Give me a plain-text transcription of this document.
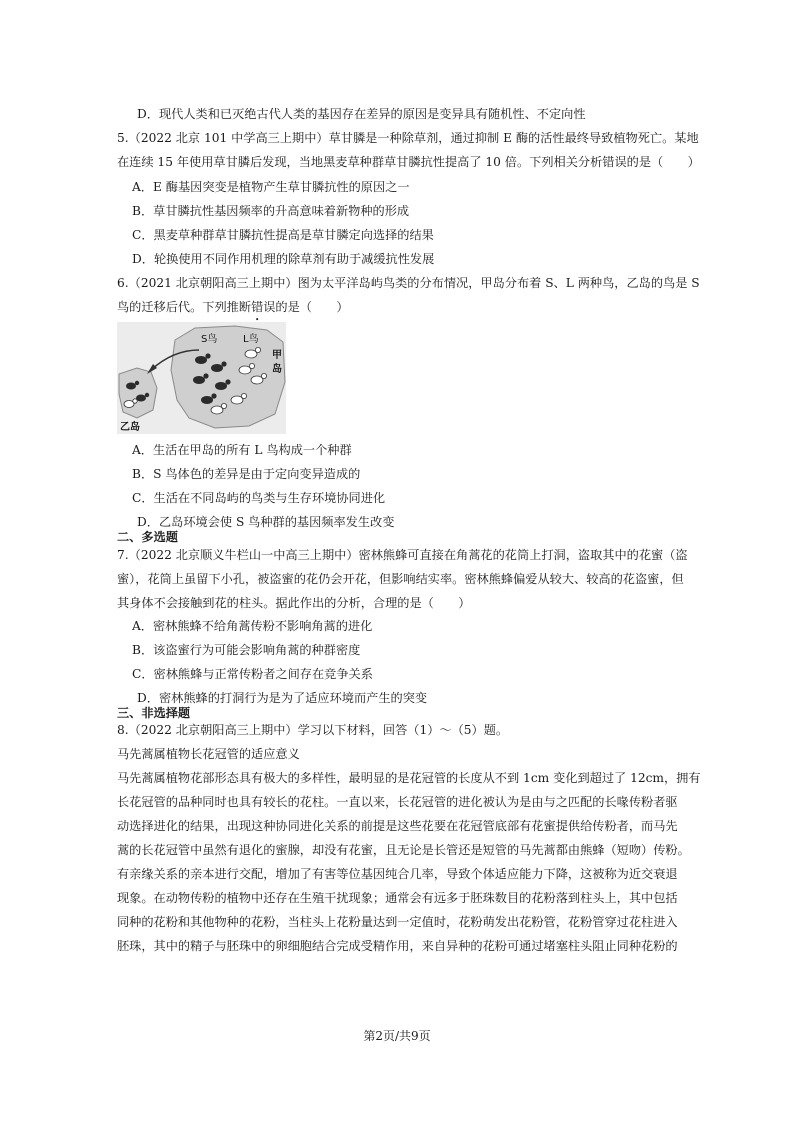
D．现代人类和已灭绝古代人类的基因存在差异的原因是变异具有随机性、不定向性
5.（2022 北京 101 中学高三上期中）草甘膦是一种除草剂，通过抑制 E 酶的活性最终导致植物死亡。某地
在连续 15 年使用草甘膦后发现，当地黑麦草种群草甘膦抗性提高了 10 倍。下列相关分析错误的是（　　）
A．E 酶基因突变是植物产生草甘膦抗性的原因之一
B．草甘膦抗性基因频率的升高意味着新物种的形成
C．黑麦草种群草甘膦抗性提高是草甘膦定向选择的结果
D．轮换使用不同作用机理的除草剂有助于减缓抗性发展
6.（2021 北京朝阳高三上期中）图为太平洋岛屿鸟类的分布情况，甲岛分布着 S、L 两种鸟，乙岛的鸟是 S
鸟的迁移后代。下列推断错误的是（　　）
S鸟	L鸟
甲
岛
乙岛
A．生活在甲岛的所有 L 鸟构成一个种群
B．S 鸟体色的差异是由于定向变异造成的
C．生活在不同岛屿的鸟类与生存环境协同进化
D．乙岛环境会使 S 鸟种群的基因频率发生改变
二、多选题
7.（2022 北京顺义牛栏山一中高三上期中）密林熊蜂可直接在角蒿花的花筒上打洞，盗取其中的花蜜（盗
蜜），花筒上虽留下小孔，被盗蜜的花仍会开花，但影响结实率。密林熊蜂偏爱从较大、较高的花盗蜜，但
其身体不会接触到花的柱头。据此作出的分析，合理的是（　　）
A．密林熊蜂不给角蒿传粉不影响角蒿的进化
B．该盗蜜行为可能会影响角蒿的种群密度
C．密林熊蜂与正常传粉者之间存在竞争关系
D．密林熊蜂的打洞行为是为了适应环境而产生的突变
三、非选择题
8.（2022 北京朝阳高三上期中）学习以下材料，回答（1）～（5）题。
马先蒿属植物长花冠管的适应意义
马先蒿属植物花部形态具有极大的多样性，最明显的是花冠管的长度从不到 1cm 变化到超过了 12cm，拥有
长花冠管的品种同时也具有较长的花柱。一直以来，长花冠管的进化被认为是由与之匹配的长喙传粉者驱
动选择进化的结果，出现这种协同进化关系的前提是这些花要在花冠管底部有花蜜提供给传粉者，而马先
蒿的长花冠管中虽然有退化的蜜腺，却没有花蜜，且无论是长管还是短管的马先蒿都由熊蜂（短吻）传粉。
有亲缘关系的亲本进行交配，增加了有害等位基因纯合几率，导致个体适应能力下降，这被称为近交衰退
现象。在动物传粉的植物中还存在生殖干扰现象；通常会有远多于胚珠数目的花粉落到柱头上，其中包括
同种的花粉和其他物种的花粉，当柱头上花粉量达到一定值时，花粉萌发出花粉管，花粉管穿过花柱进入
胚珠，其中的精子与胚珠中的卵细胞结合完成受精作用，来自异种的花粉可通过堵塞柱头阻止同种花粉的
第2页/共9页
